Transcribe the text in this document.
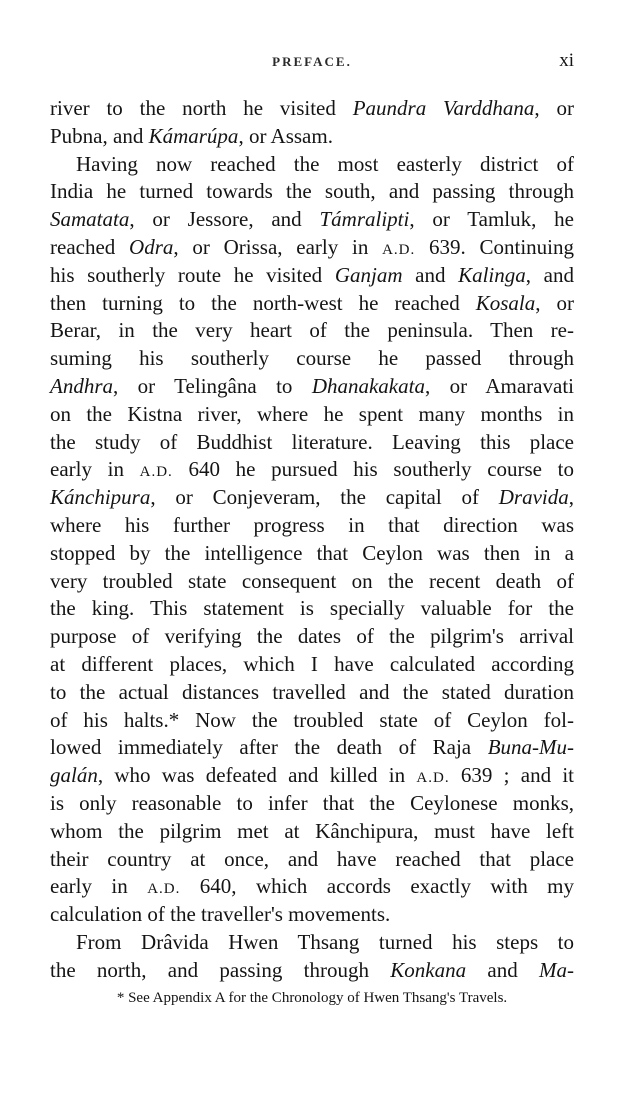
PREFACE.	xi
river to the north he visited Paundra Varddhana, or
Pubna, and Kámarúpa, or Assam.
Having now reached the most easterly district of
India he turned towards the south, and passing through
Samatata, or Jessore, and Támralipti, or Tamluk, he
reached Odra, or Orissa, early in A.D. 639. Continuing
his southerly route he visited Ganjam and Kalinga, and
then turning to the north-west he reached Kosala, or
Berar, in the very heart of the peninsula. Then re-
suming his southerly course he passed through
Andhra, or Telingâna to Dhanakakata, or Amaravati
on the Kistna river, where he spent many months in
the study of Buddhist literature. Leaving this place
early in A.D. 640 he pursued his southerly course to
Kánchipura, or Conjeveram, the capital of Dravida,
where his further progress in that direction was
stopped by the intelligence that Ceylon was then in a
very troubled state consequent on the recent death of
the king. This statement is specially valuable for the
purpose of verifying the dates of the pilgrim's arrival
at different places, which I have calculated according
to the actual distances travelled and the stated duration
of his halts.* Now the troubled state of Ceylon fol-
lowed immediately after the death of Raja Buna-Mu-
galán, who was defeated and killed in A.D. 639 ; and it
is only reasonable to infer that the Ceylonese monks,
whom the pilgrim met at Kânchipura, must have left
their country at once, and have reached that place
early in A.D. 640, which accords exactly with my
calculation of the traveller's movements.
From Drâvida Hwen Thsang turned his steps to
the north, and passing through Konkana and Ma-
* See Appendix A for the Chronology of Hwen Thsang's Travels.
